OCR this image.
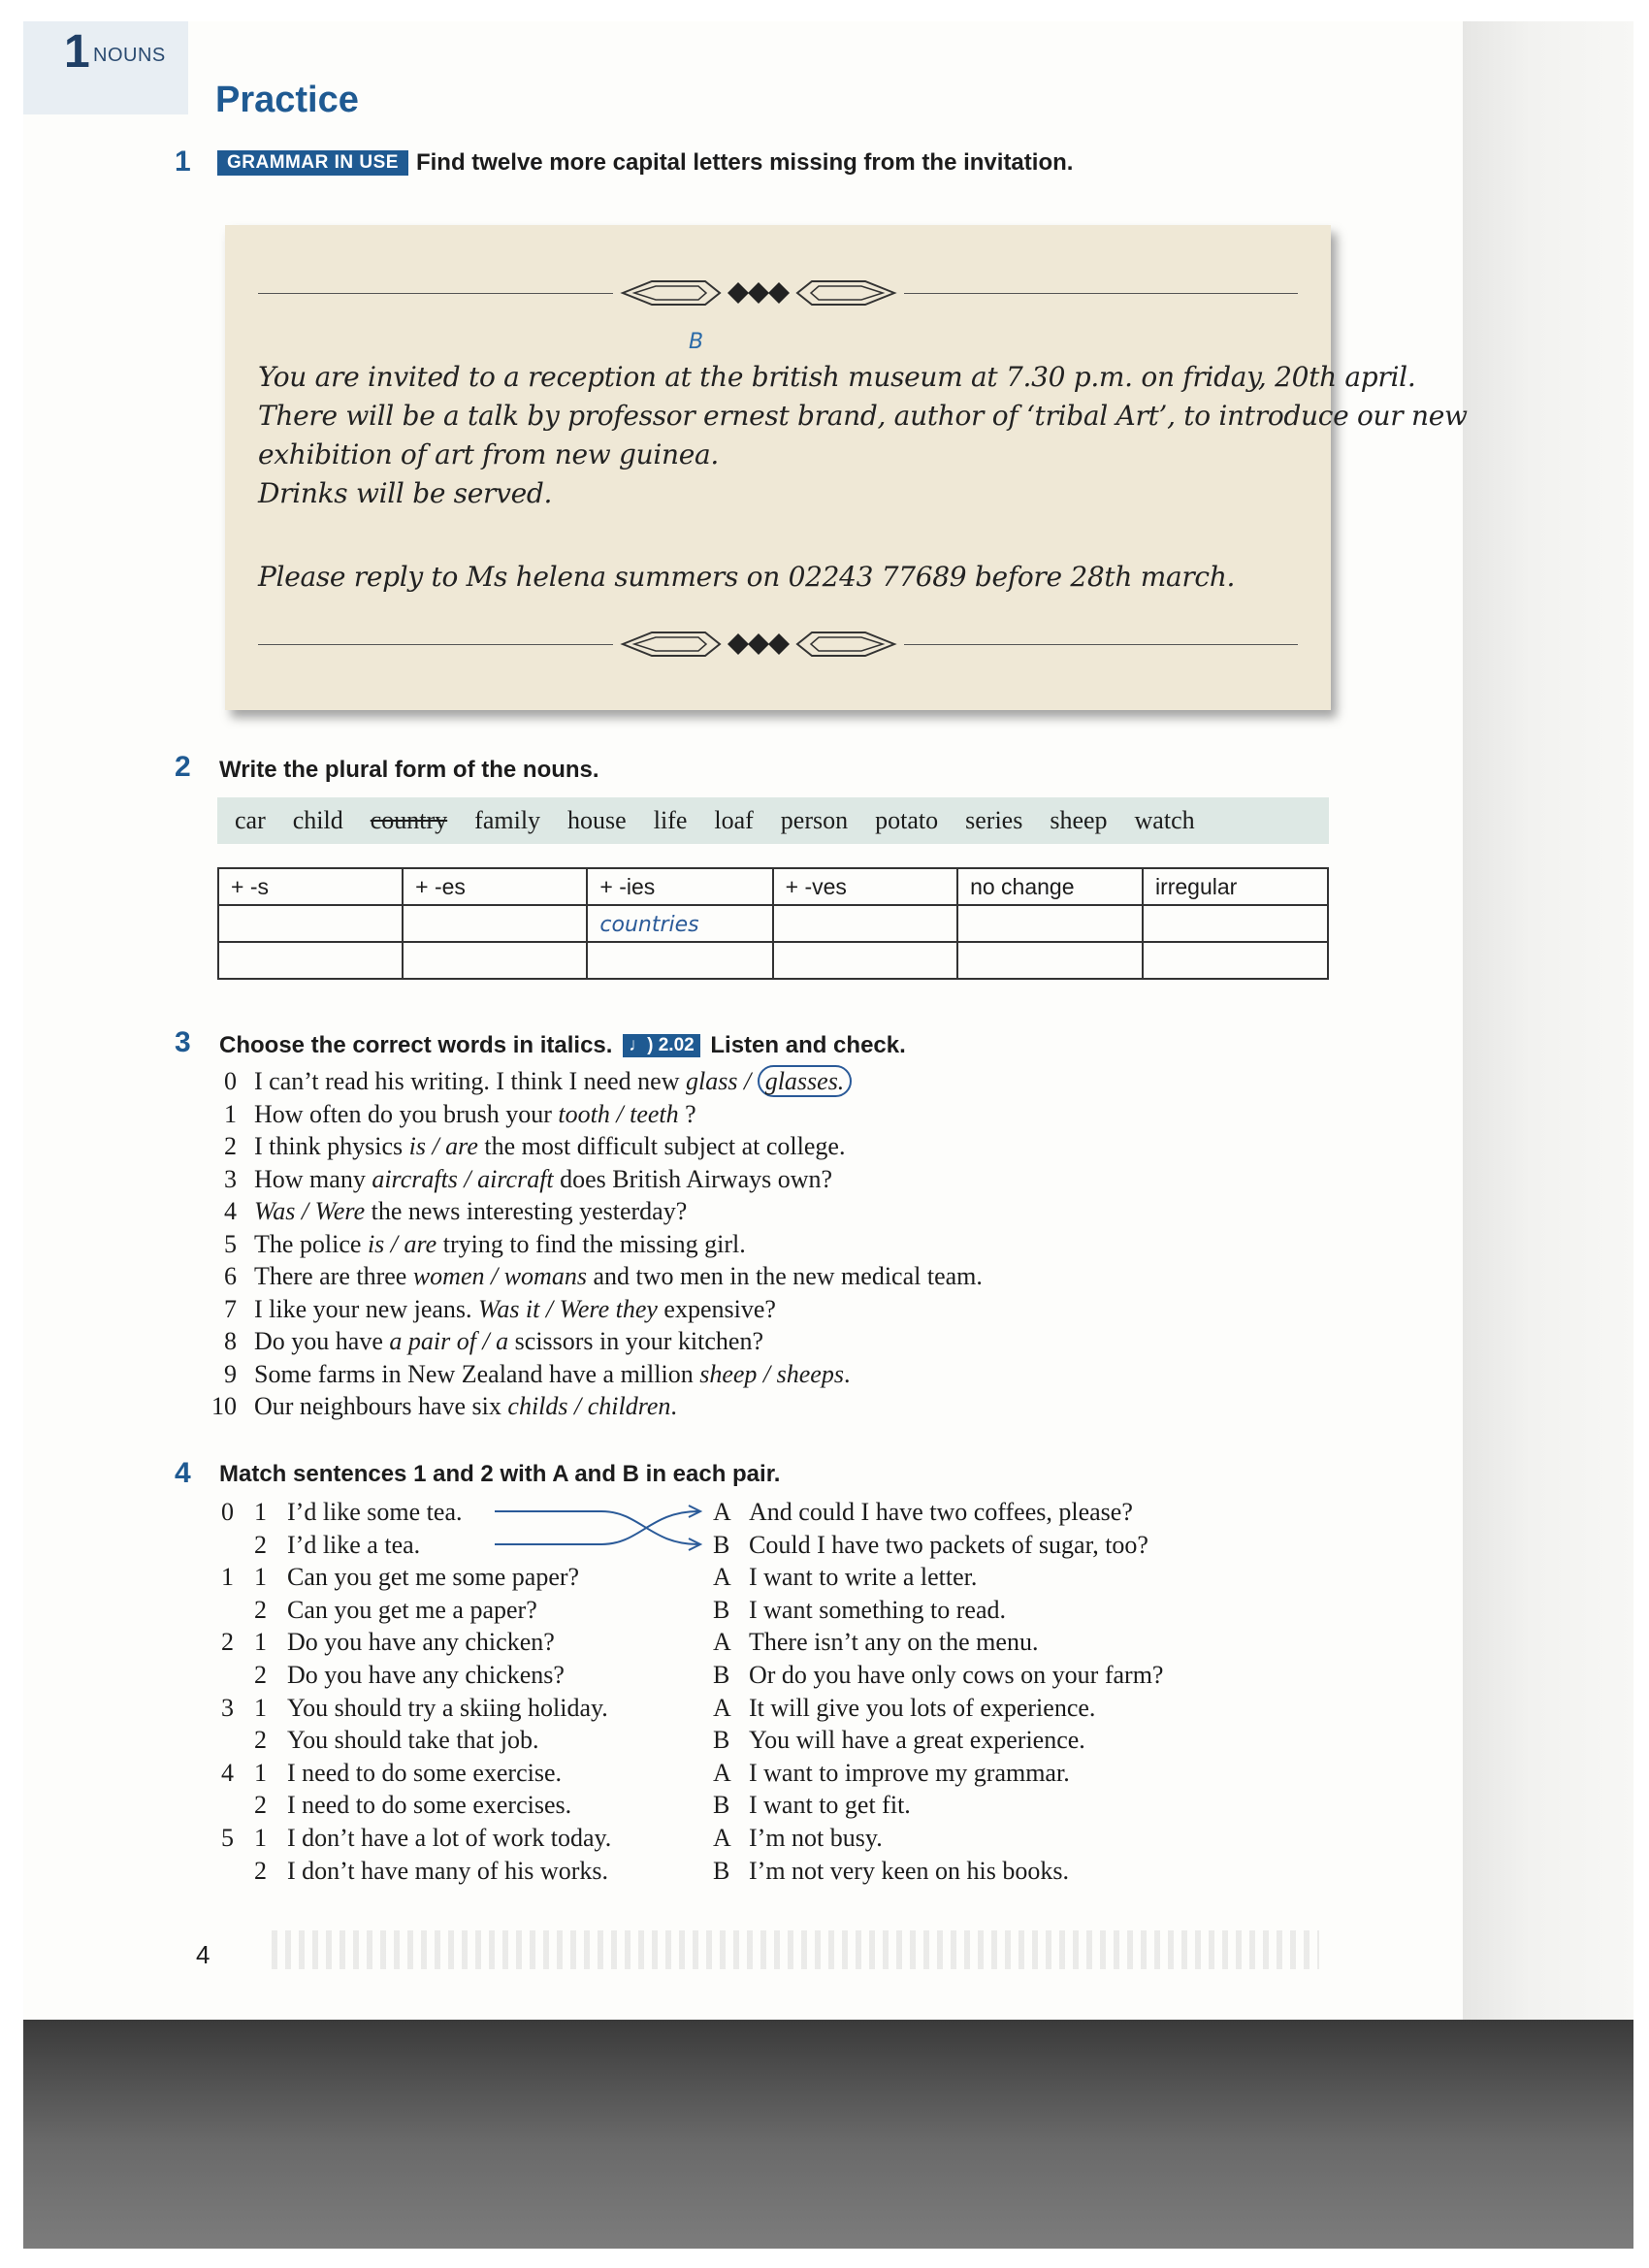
1 NOUNS
Practice
1	GRAMMAR IN USE Find twelve more capital letters missing from the invitation.
B
You are invited to a reception at the british museum at 7.30 p.m. on friday, 20th april.
There will be a talk by professor ernest brand, author of ‘tribal Art’, to introduce our new
exhibition of art from new guinea.
Drinks will be served.
Please reply to Ms helena summers on 02243 77689 before 28th march.
2 Write the plural form of the nouns.
car child country family house life loaf person potato series sheep watch
+ -s	+ -es	+ -ies	+ -ves	no change	irregular
		countries			

3 Choose the correct words in italics. ♩) 2.02 Listen and check.
0 I can’t read his writing. I think I need new glass / glasses.
1 How often do you brush your tooth / teeth ?
2 I think physics is / are the most difficult subject at college.
3 How many aircrafts / aircraft does British Airways own?
4 Was / Were the news interesting yesterday?
5 The police is / are trying to find the missing girl.
6 There are three women / womans and two men in the new medical team.
7 I like your new jeans. Was it / Were they expensive?
8 Do you have a pair of / a scissors in your kitchen?
9 Some farms in New Zealand have a million sheep / sheeps.
10 Our neighbours have six childs / children.
4 Match sentences 1 and 2 with A and B in each pair.
0 1 I’d like some tea.	A And could I have two coffees, please?
2 I’d like a tea.	B Could I have two packets of sugar, too?
1 1 Can you get me some paper?	A I want to write a letter.
2 Can you get me a paper?	B I want something to read.
2 1 Do you have any chicken?	A There isn’t any on the menu.
2 Do you have any chickens?	B Or do you have only cows on your farm?
3 1 You should try a skiing holiday.	A It will give you lots of experience.
2 You should take that job.	B You will have a great experience.
4 1 I need to do some exercise.	A I want to improve my grammar.
2 I need to do some exercises.	B I want to get fit.
5 1 I don’t have a lot of work today.	A I’m not busy.
2 I don’t have many of his works.	B I’m not very keen on his books.
4
